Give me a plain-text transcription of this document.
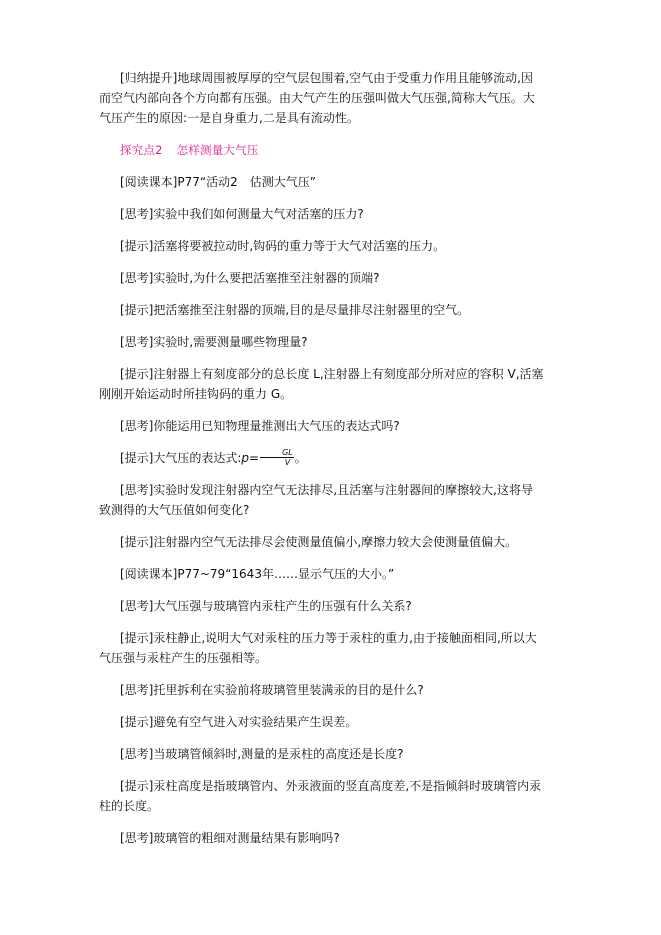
[归纳提升]地球周围被厚厚的空气层包围着,空气由于受重力作用且能够流动,因而空气内部向各个方向都有压强。由大气产生的压强叫做大气压强,简称大气压。大气压产生的原因:一是自身重力,二是具有流动性。

探究点2 怎样测量大气压

[阅读课本]P77“活动2　估测大气压”

[思考]实验中我们如何测量大气对活塞的压力?

[提示]活塞将要被拉动时,钩码的重力等于大气对活塞的压力。

[思考]实验时,为什么要把活塞推至注射器的顶端?

[提示]把活塞推至注射器的顶端,目的是尽量排尽注射器里的空气。

[思考]实验时,需要测量哪些物理量?

[提示]注射器上有刻度部分的总长度 L,注射器上有刻度部分所对应的容积 V,活塞刚刚开始运动时所挂钩码的重力 G。

[思考]你能运用已知物理量推测出大气压的表达式吗?

[提示]大气压的表达式:p= $\frac{GL}{V}$ 。

[思考]实验时发现注射器内空气无法排尽,且活塞与注射器间的摩擦较大,这将导致测得的大气压值如何变化?

[提示]注射器内空气无法排尽会使测量值偏小,摩擦力较大会使测量值偏大。

[阅读课本]P77~79“1643年……显示气压的大小。”

[思考]大气压强与玻璃管内汞柱产生的压强有什么关系?

[提示]汞柱静止,说明大气对汞柱的压力等于汞柱的重力,由于接触面相同,所以大气压强与汞柱产生的压强相等。

[思考]托里拆利在实验前将玻璃管里装满汞的目的是什么?

[提示]避免有空气进入对实验结果产生误差。

[思考]当玻璃管倾斜时,测量的是汞柱的高度还是长度?

[提示]汞柱高度是指玻璃管内、外汞液面的竖直高度差,不是指倾斜时玻璃管内汞柱的长度。

[思考]玻璃管的粗细对测量结果有影响吗?
